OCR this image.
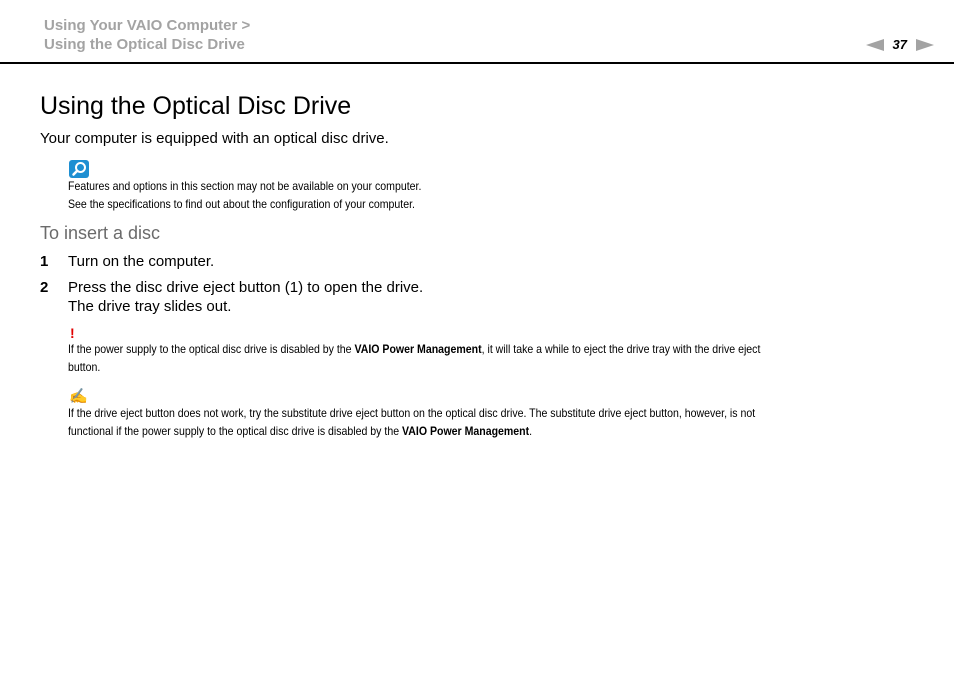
Using Your VAIO Computer >
Using the Optical Disc Drive	37
Using the Optical Disc Drive
Your computer is equipped with an optical disc drive.
Features and options in this section may not be available on your computer.
See the specifications to find out about the configuration of your computer.
To insert a disc
1 Turn on the computer.
2 Press the disc drive eject button (1) to open the drive.
The drive tray slides out.
!
If the power supply to the optical disc drive is disabled by the VAIO Power Management, it will take a while to eject the drive tray with the drive eject
button.
✍
If the drive eject button does not work, try the substitute drive eject button on the optical disc drive. The substitute drive eject button, however, is not
functional if the power supply to the optical disc drive is disabled by the VAIO Power Management.
